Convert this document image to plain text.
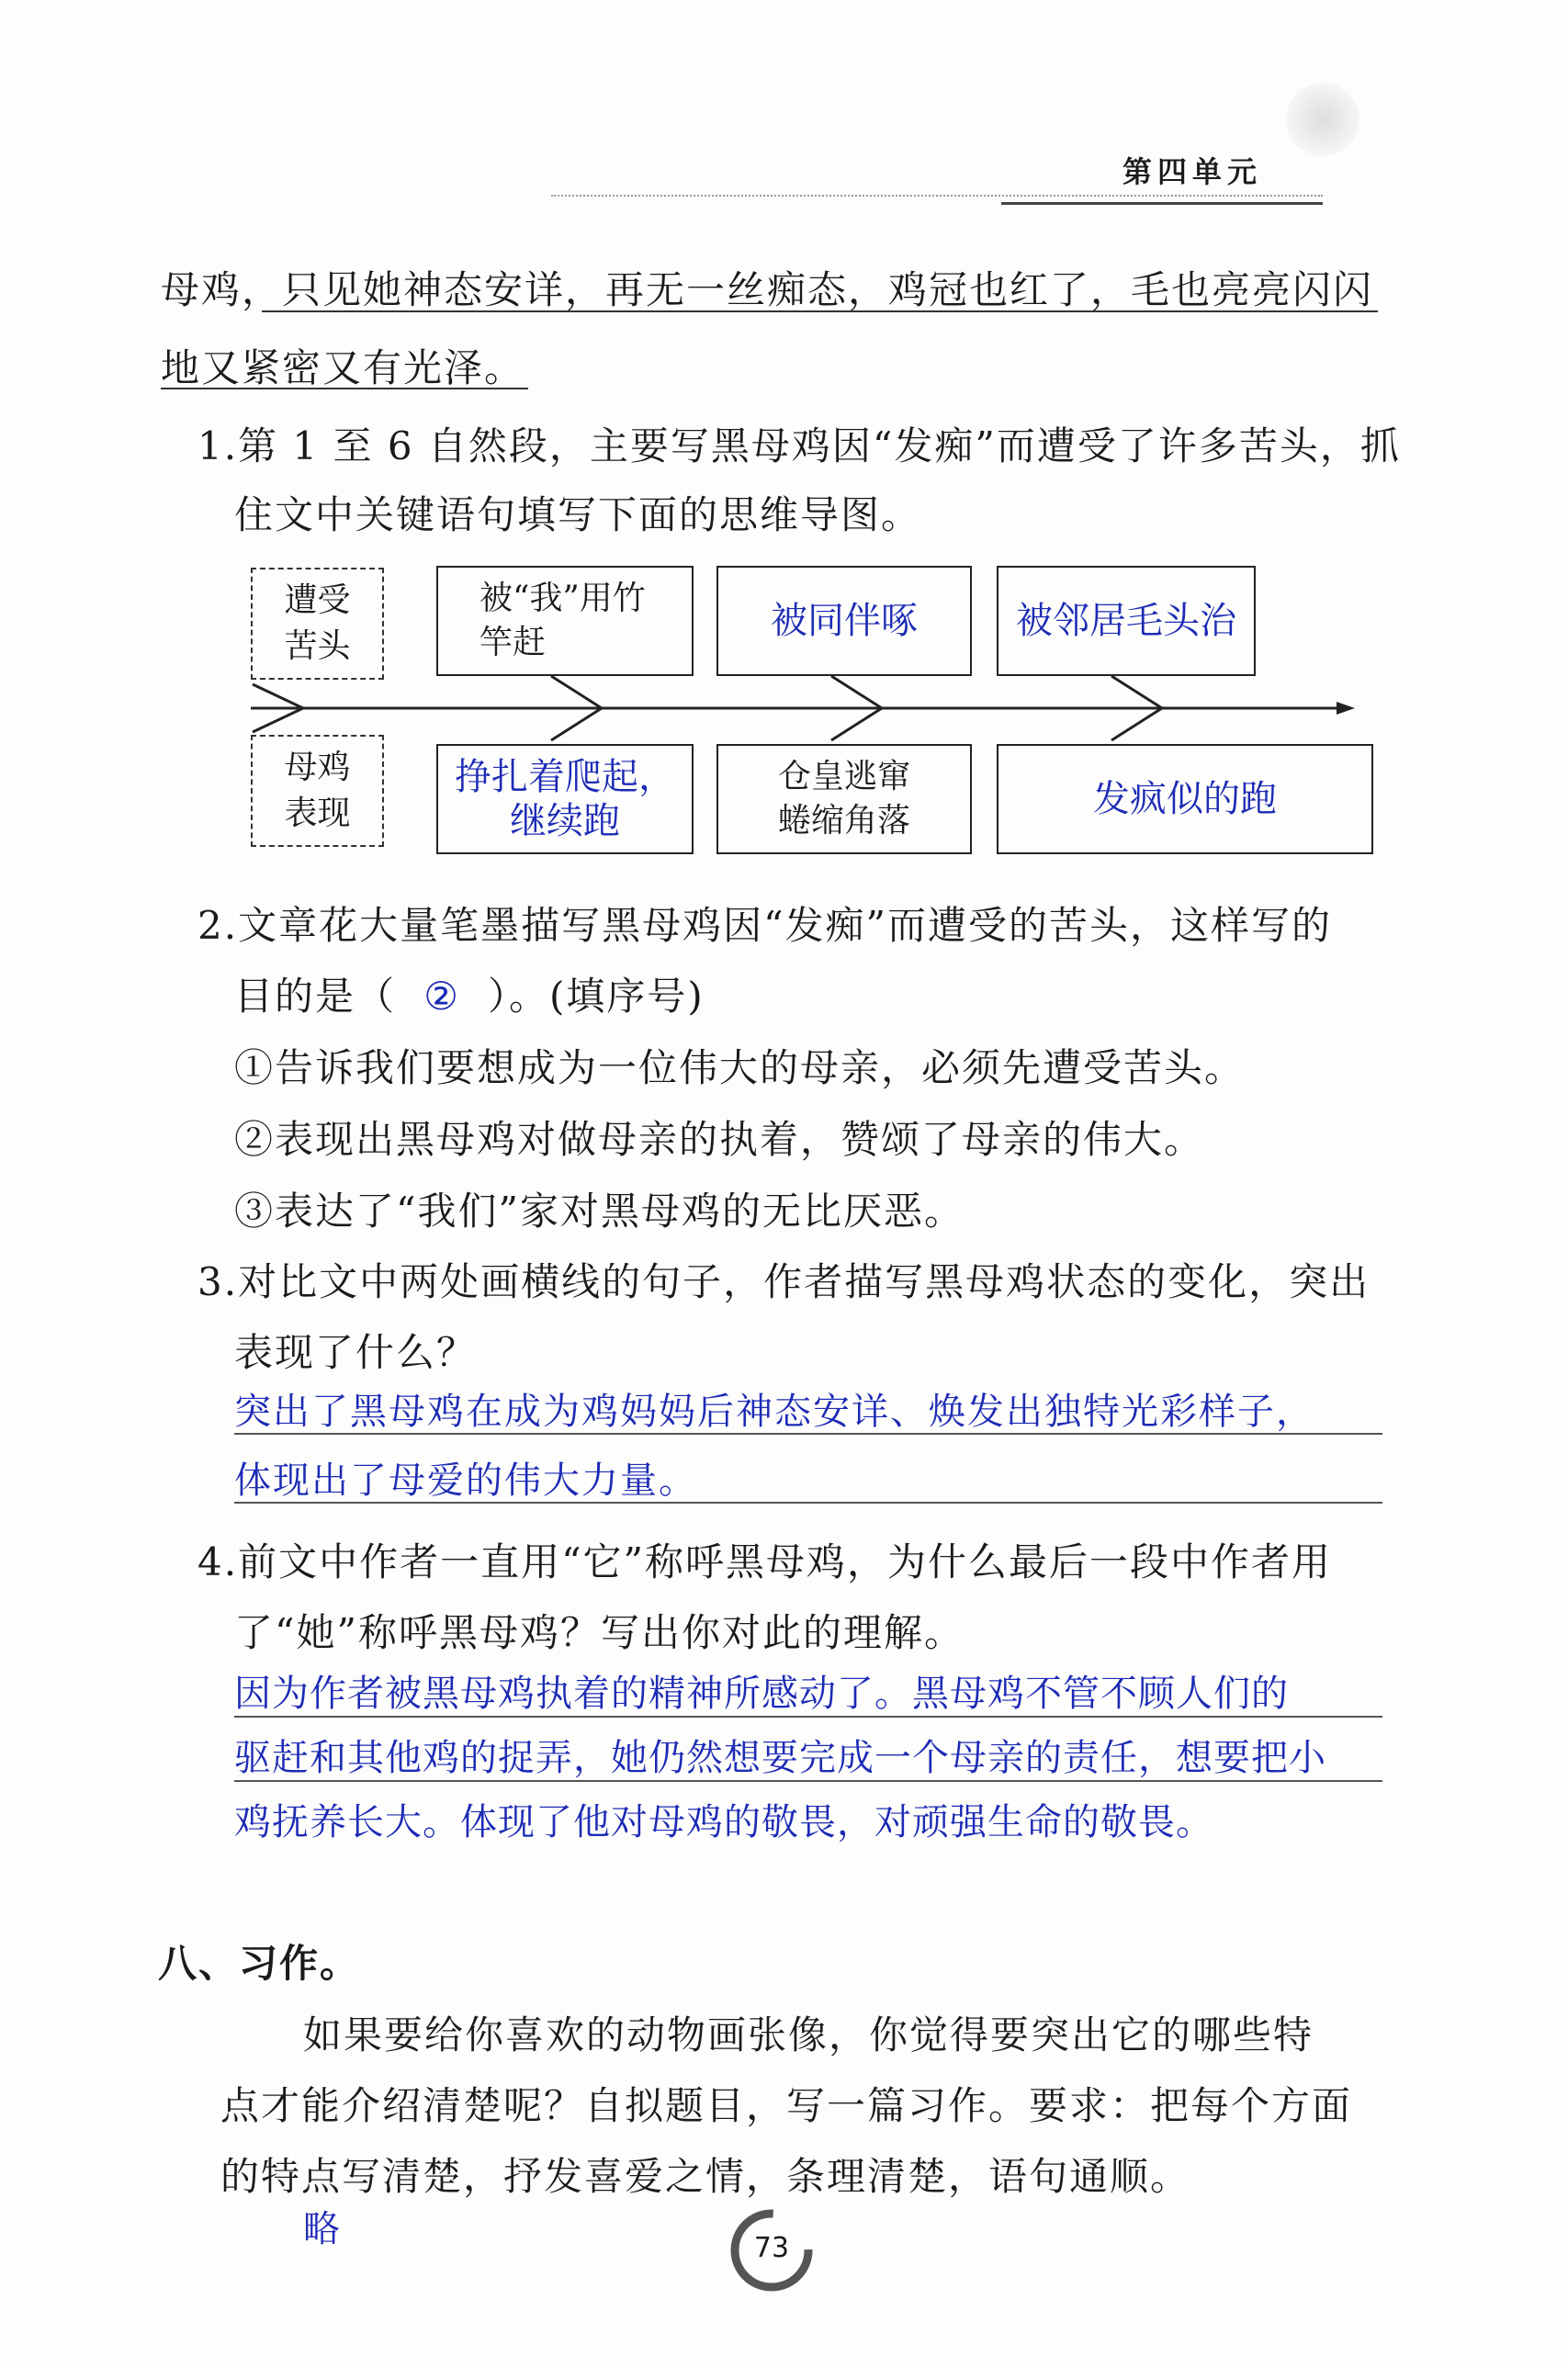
第四单元
母鸡，只见她神态安详，再无一丝痴态，鸡冠也红了，毛也亮亮闪闪
地又紧密又有光泽。
1.第 1 至 6 自然段，主要写黑母鸡因“发痴”而遭受了许多苦头，抓
住文中关键语句填写下面的思维导图。
遭受苦头
母鸡表现
被“我”用竹竿赶
被同伴啄	被邻居毛头治
挣扎着爬起，继续跑
仓皇逃窜蜷缩角落
发疯似的跑
2.文章花大量笔墨描写黑母鸡因“发痴”而遭受的苦头，这样写的
目的是（ ② ）。(填序号)
①告诉我们要想成为一位伟大的母亲，必须先遭受苦头。
②表现出黑母鸡对做母亲的执着，赞颂了母亲的伟大。
③表达了“我们”家对黑母鸡的无比厌恶。
3.对比文中两处画横线的句子，作者描写黑母鸡状态的变化，突出
表现了什么？
突出了黑母鸡在成为鸡妈妈后神态安详、焕发出独特光彩样子，
体现出了母爱的伟大力量。
4.前文中作者一直用“它”称呼黑母鸡，为什么最后一段中作者用
了“她”称呼黑母鸡？写出你对此的理解。
因为作者被黑母鸡执着的精神所感动了。黑母鸡不管不顾人们的
驱赶和其他鸡的捉弄，她仍然想要完成一个母亲的责任，想要把小
鸡抚养长大。体现了他对母鸡的敬畏，对顽强生命的敬畏。
八、习作。
如果要给你喜欢的动物画张像，你觉得要突出它的哪些特
点才能介绍清楚呢？自拟题目，写一篇习作。要求：把每个方面
的特点写清楚，抒发喜爱之情，条理清楚，语句通顺。
略	73
